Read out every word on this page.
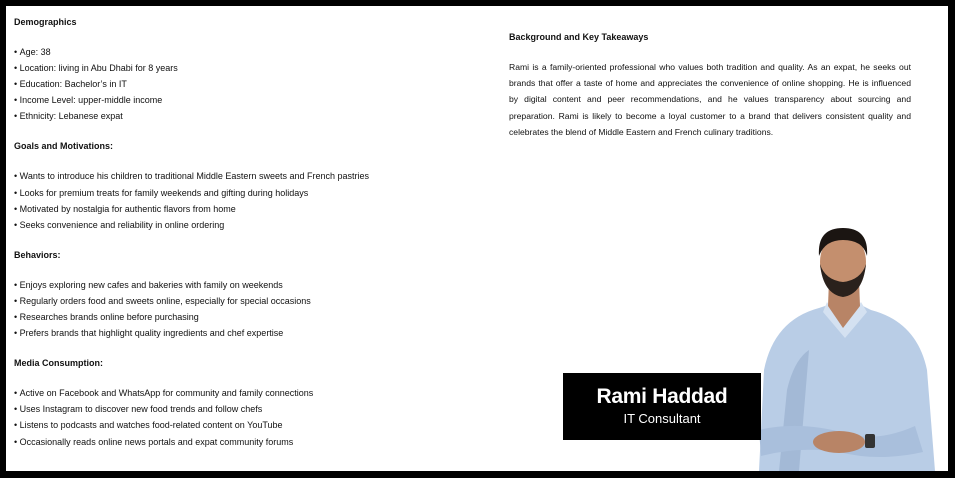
Demographics
• Age: 38
• Location: living in Abu Dhabi for 8 years
• Education: Bachelor’s in IT
• Income Level: upper-middle income
• Ethnicity: Lebanese expat
Goals and Motivations:
• Wants to introduce his children to traditional Middle Eastern sweets and French pastries
• Looks for premium treats for family weekends and gifting during holidays
• Motivated by nostalgia for authentic flavors from home
• Seeks convenience and reliability in online ordering
Behaviors:
• Enjoys exploring new cafes and bakeries with family on weekends
• Regularly orders food and sweets online, especially for special occasions
• Researches brands online before purchasing
• Prefers brands that highlight quality ingredients and chef expertise
Media Consumption:
• Active on Facebook and WhatsApp for community and family connections
• Uses Instagram to discover new food trends and follow chefs
• Listens to podcasts and watches food-related content on YouTube
• Occasionally reads online news portals and expat community forums
Background and Key Takeaways

Rami is a family-oriented professional who values both tradition and quality. As an expat, he seeks out brands that offer a taste of home and appreciates the convenience of online shopping. He is influenced by digital content and peer recommendations, and he values transparency about sourcing and preparation. Rami is likely to become a loyal customer to a brand that delivers consistent quality and celebrates the blend of Middle Eastern and French culinary traditions.

Rami Haddad
IT Consultant
